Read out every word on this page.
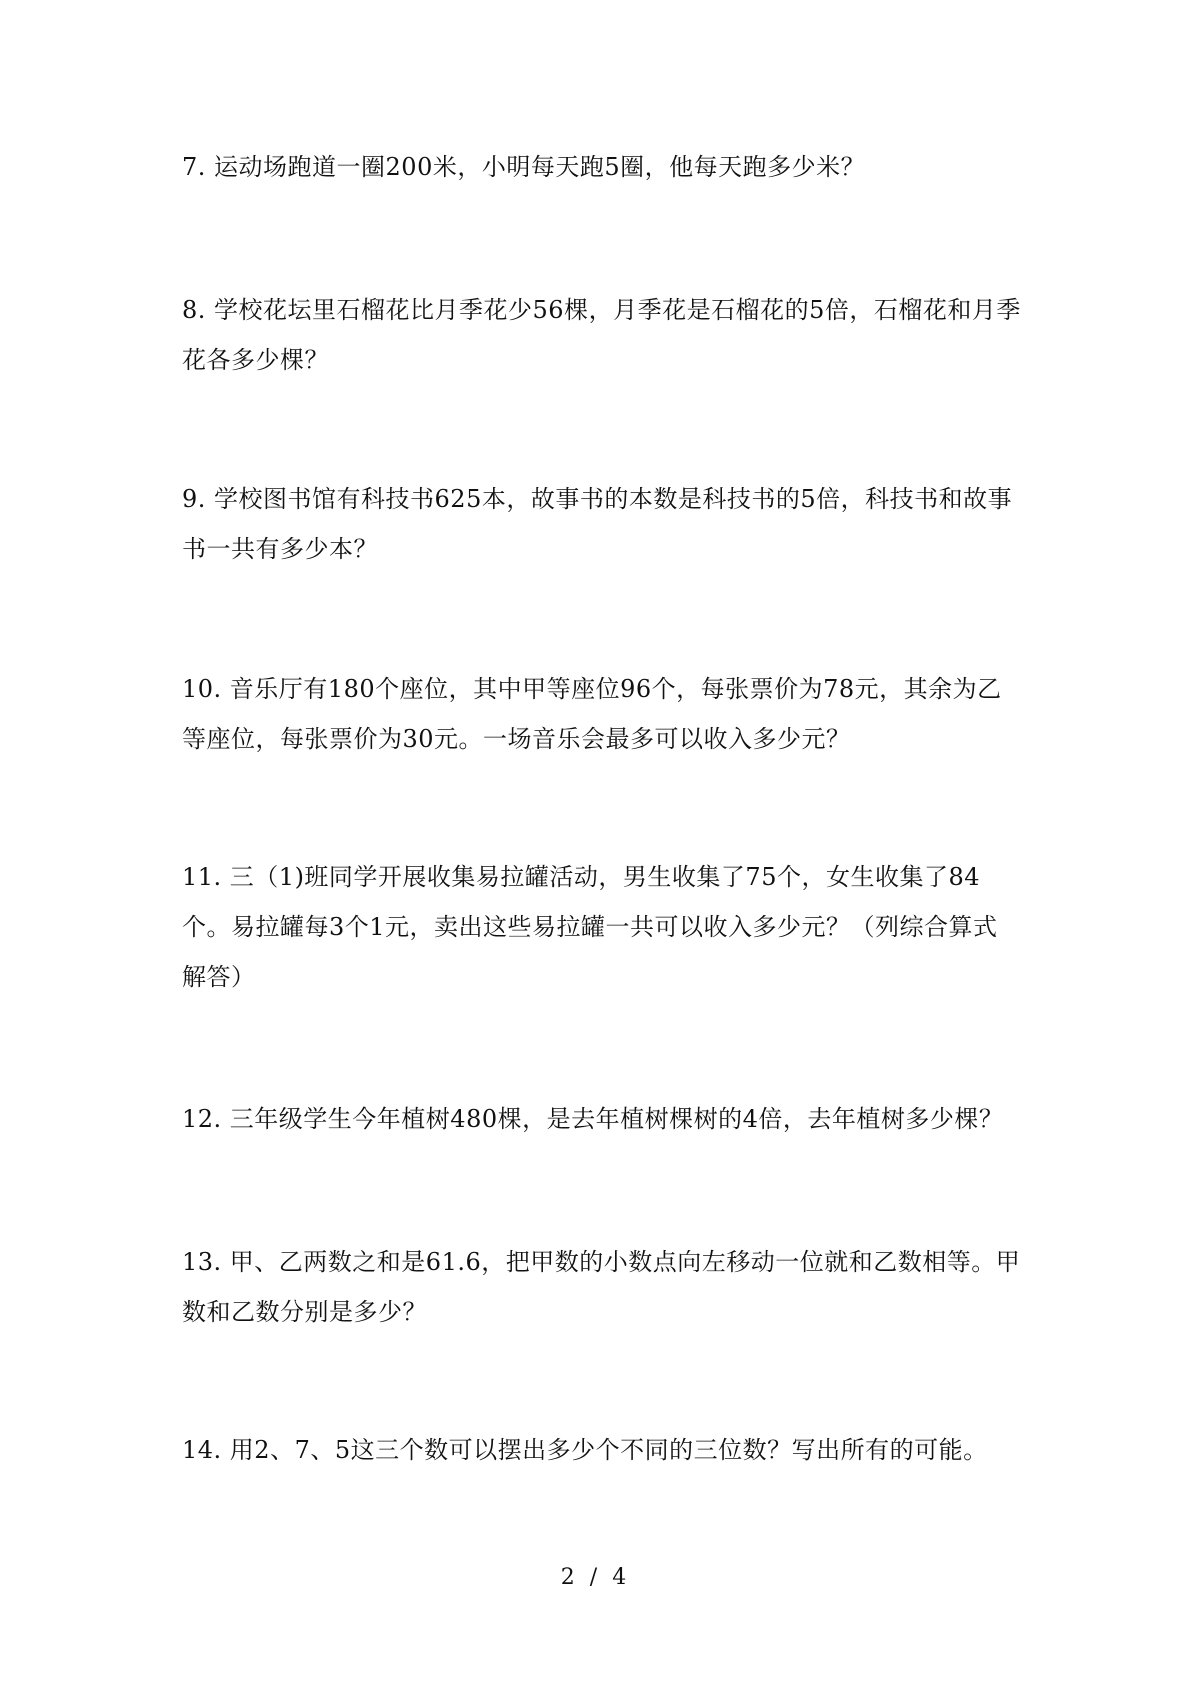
7. 运动场跑道一圈200米，小明每天跑5圈，他每天跑多少米？

8. 学校花坛里石榴花比月季花少56棵，月季花是石榴花的5倍，石榴花和月季花各多少棵？

9. 学校图书馆有科技书625本，故事书的本数是科技书的5倍，科技书和故事书一共有多少本？

10. 音乐厅有180个座位，其中甲等座位96个，每张票价为78元，其余为乙等座位，每张票价为30元。一场音乐会最多可以收入多少元？

11. 三（1)班同学开展收集易拉罐活动，男生收集了75个，女生收集了84个。易拉罐每3个1元，卖出这些易拉罐一共可以收入多少元？（列综合算式解答）

12. 三年级学生今年植树480棵，是去年植树棵树的4倍，去年植树多少棵？

13. 甲、乙两数之和是61.6，把甲数的小数点向左移动一位就和乙数相等。甲数和乙数分别是多少？

14. 用2、7、5这三个数可以摆出多少个不同的三位数？写出所有的可能。

2 / 4
